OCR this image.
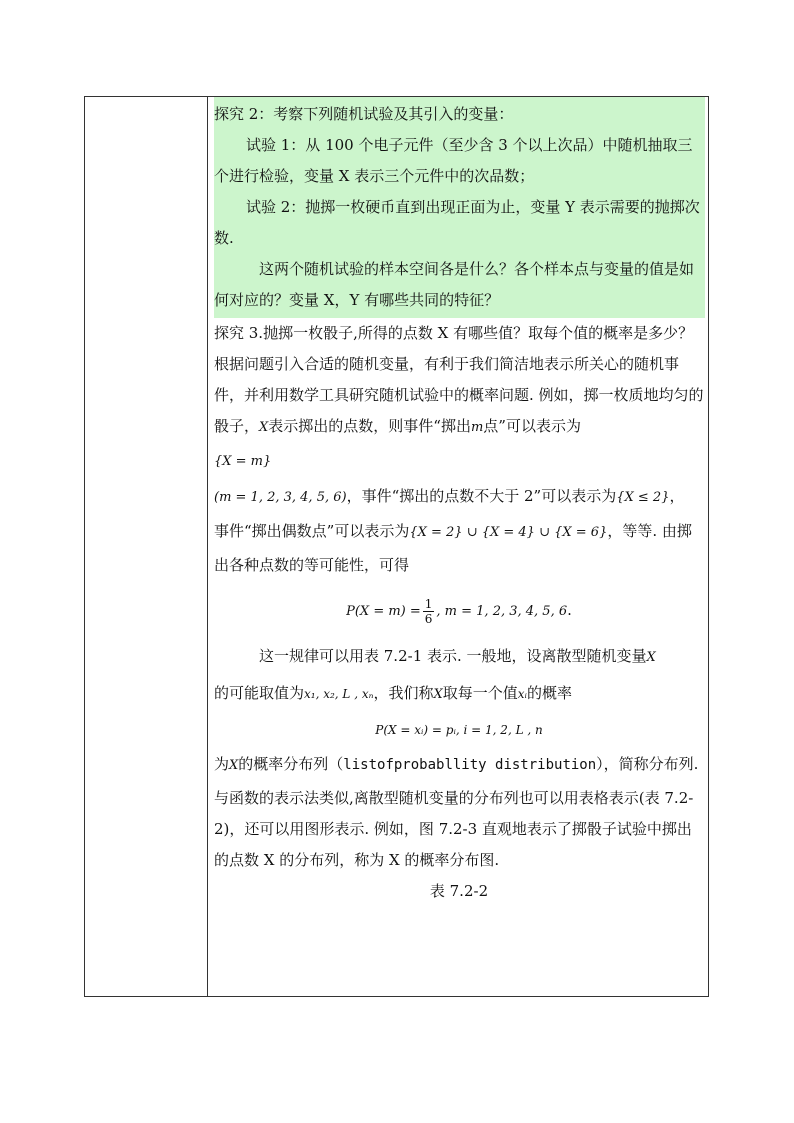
探究 2：考察下列随机试验及其引入的变量：

试验 1：从 100 个电子元件（至少含 3 个以上次品）中随机抽取三个进行检验，变量 X 表示三个元件中的次品数；

试验 2：抛掷一枚硬币直到出现正面为止，变量 Y 表示需要的抛掷次数.

这两个随机试验的样本空间各是什么？各个样本点与变量的值是如何对应的？变量 X，Y 有哪些共同的特征？

探究 3.抛掷一枚骰子,所得的点数 X 有哪些值？取每个值的概率是多少？

根据问题引入合适的随机变量，有利于我们简洁地表示所关心的随机事件，并利用数学工具研究随机试验中的概率问题. 例如，掷一枚质地均匀的骰子，X表示掷出的点数，则事件“掷出m点”可以表示为

{X = m}

(m = 1, 2, 3, 4, 5, 6)，事件“掷出的点数不大于 2”可以表示为{X ≤ 2}，

事件“掷出偶数点”可以表示为{X = 2} ∪ {X = 4} ∪ {X = 6}，等等. 由掷出各种点数的等可能性，可得

$P(X = m) = \frac{1}{6}$ , m = 1, 2, 3, 4, 5, 6.

这一规律可以用表 7.2-1 表示. 一般地，设离散型随机变量X

的可能取值为x₁, x₂, L , xₙ，我们称X取每一个值xᵢ的概率

P(X = xᵢ) = pᵢ, i = 1, 2, L , n

为X的概率分布列（listofprobabllity distribution），简称分布列.

与函数的表示法类似,离散型随机变量的分布列也可以用表格表示(表 7.2-2)，还可以用图形表示. 例如，图 7.2-3 直观地表示了掷骰子试验中掷出的点数 X 的分布列，称为 X 的概率分布图.

表 7.2-2
